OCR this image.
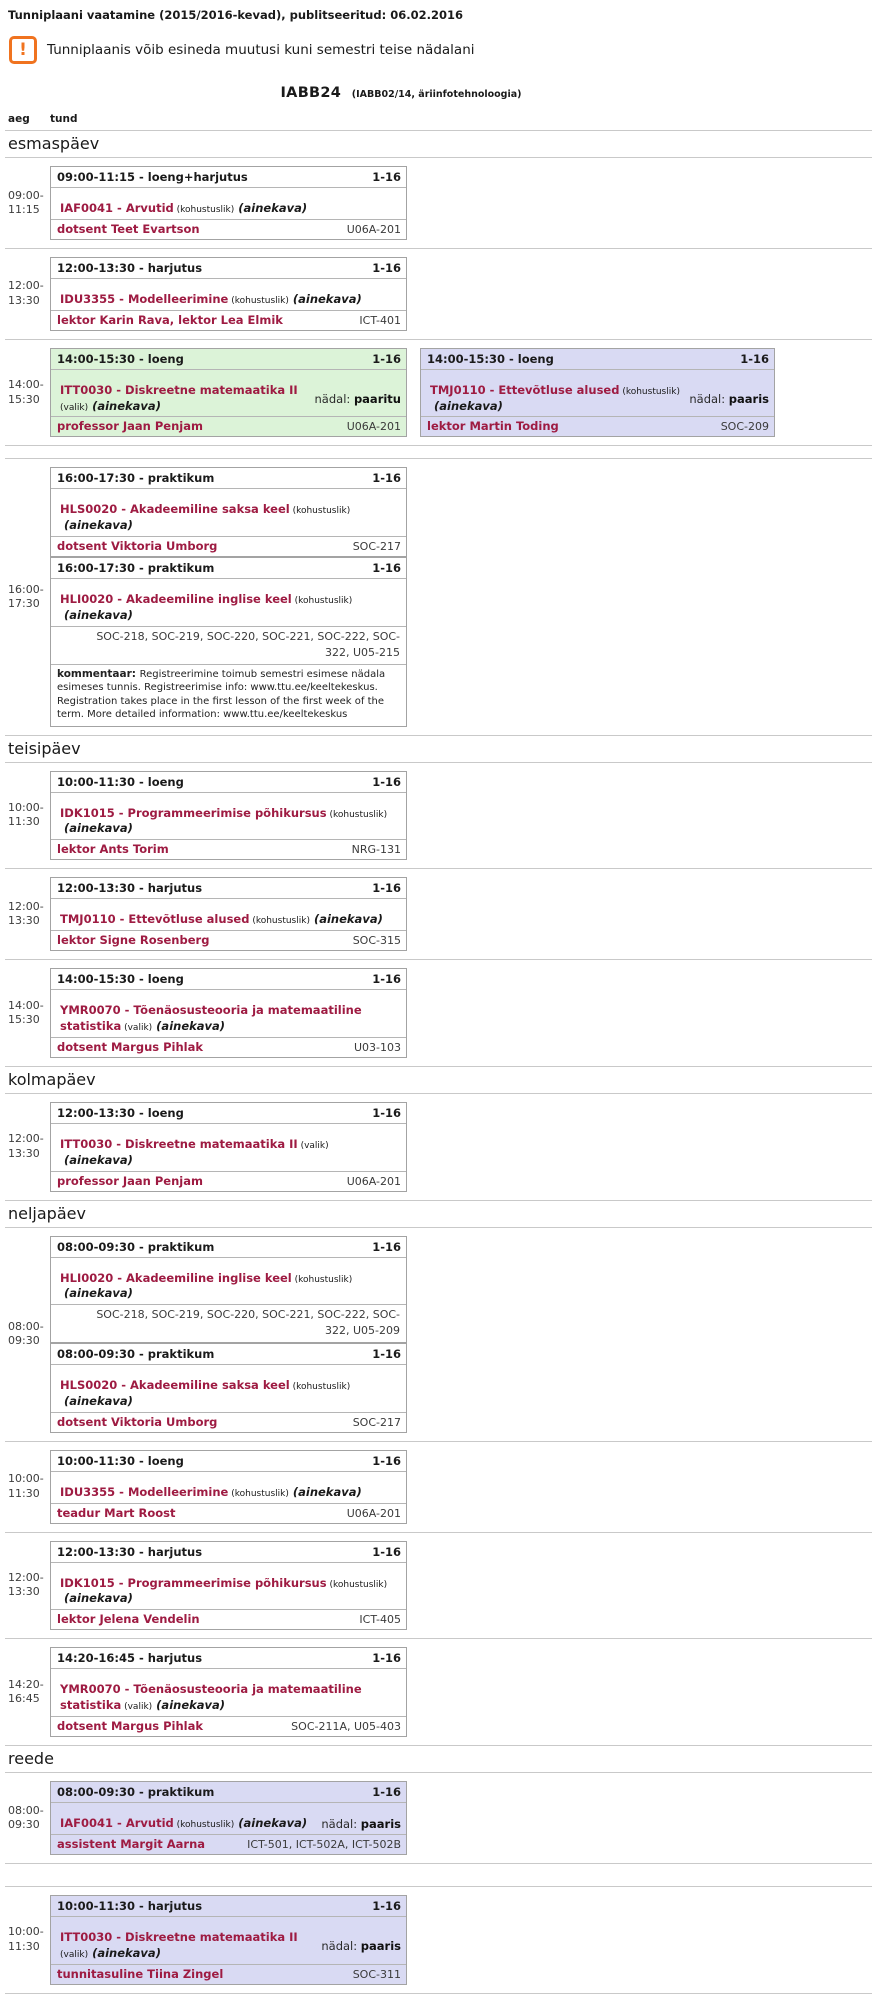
Tunniplaani vaatamine (2015/2016-kevad), publitseeritud: 06.02.2016
!	Tunniplaanis võib esineda muutusi kuni semestri teise nädalani
IABB24 (IABB02/14, äriinfotehnoloogia)
aeg	tund
esmaspäev
09:00-
11:15
09:00-11:15 - loeng+harjutus	1-16
IAF0041 - Arvutid (kohustuslik) (ainekava)
dotsent Teet Evartson	U06A-201
12:00-
13:30
12:00-13:30 - harjutus	1-16
IDU3355 - Modelleerimine (kohustuslik) (ainekava)
lektor Karin Rava, lektor Lea Elmik	ICT-401
14:00-
15:30
14:00-15:30 - loeng	1-16
ITT0030 - Diskreetne matemaatika II (valik) (ainekava)	nädal: paaritu
professor Jaan Penjam	U06A-201
14:00-15:30 - loeng	1-16
TMJ0110 - Ettevõtluse alused (kohustuslik)(ainekava)	nädal: paaris
lektor Martin Toding	SOC-209
16:00-
17:30
16:00-17:30 - praktikum	1-16
HLS0020 - Akadeemiline saksa keel (kohustuslik)(ainekava)
dotsent Viktoria Umborg	SOC-217
16:00-17:30 - praktikum	1-16
HLI0020 - Akadeemiline inglise keel (kohustuslik)(ainekava)
SOC-218, SOC-219, SOC-220, SOC-221, SOC-222, SOC-322, U05-215
kommentaar: Registreerimine toimub semestri esimese nädala esimeses tunnis. Registreerimise info: www.ttu.ee/keeltekeskus. Registration takes place in the first lesson of the first week of the term. More detailed information: www.ttu.ee/keeltekeskus
teisipäev
10:00-
11:30
10:00-11:30 - loeng	1-16
IDK1015 - Programmeerimise põhikursus (kohustuslik)(ainekava)
lektor Ants Torim	NRG-131
12:00-
13:30
12:00-13:30 - harjutus	1-16
TMJ0110 - Ettevõtluse alused (kohustuslik) (ainekava)
lektor Signe Rosenberg	SOC-315
14:00-
15:30
14:00-15:30 - loeng	1-16
YMR0070 - Tõenäosusteooria ja matemaatiline statistika (valik) (ainekava)
dotsent Margus Pihlak	U03-103
kolmapäev
12:00-
13:30
12:00-13:30 - loeng	1-16
ITT0030 - Diskreetne matemaatika II (valik)(ainekava)
professor Jaan Penjam	U06A-201
neljapäev
08:00-
09:30
08:00-09:30 - praktikum	1-16
HLI0020 - Akadeemiline inglise keel (kohustuslik)(ainekava)
SOC-218, SOC-219, SOC-220, SOC-221, SOC-222, SOC-322, U05-209
08:00-09:30 - praktikum	1-16
HLS0020 - Akadeemiline saksa keel (kohustuslik)(ainekava)
dotsent Viktoria Umborg	SOC-217
10:00-
11:30
10:00-11:30 - loeng	1-16
IDU3355 - Modelleerimine (kohustuslik) (ainekava)
teadur Mart Roost	U06A-201
12:00-
13:30
12:00-13:30 - harjutus	1-16
IDK1015 - Programmeerimise põhikursus (kohustuslik)(ainekava)
lektor Jelena Vendelin	ICT-405
14:20-
16:45
14:20-16:45 - harjutus	1-16
YMR0070 - Tõenäosusteooria ja matemaatiline statistika (valik) (ainekava)
dotsent Margus Pihlak	SOC-211A, U05-403
reede
08:00-
09:30
08:00-09:30 - praktikum	1-16
IAF0041 - Arvutid (kohustuslik) (ainekava)	nädal: paaris
assistent Margit Aarna	ICT-501, ICT-502A, ICT-502B
10:00-
11:30
10:00-11:30 - harjutus	1-16
ITT0030 - Diskreetne matemaatika II (valik) (ainekava)	nädal: paaris
tunnitasuline Tiina Zingel	SOC-311
